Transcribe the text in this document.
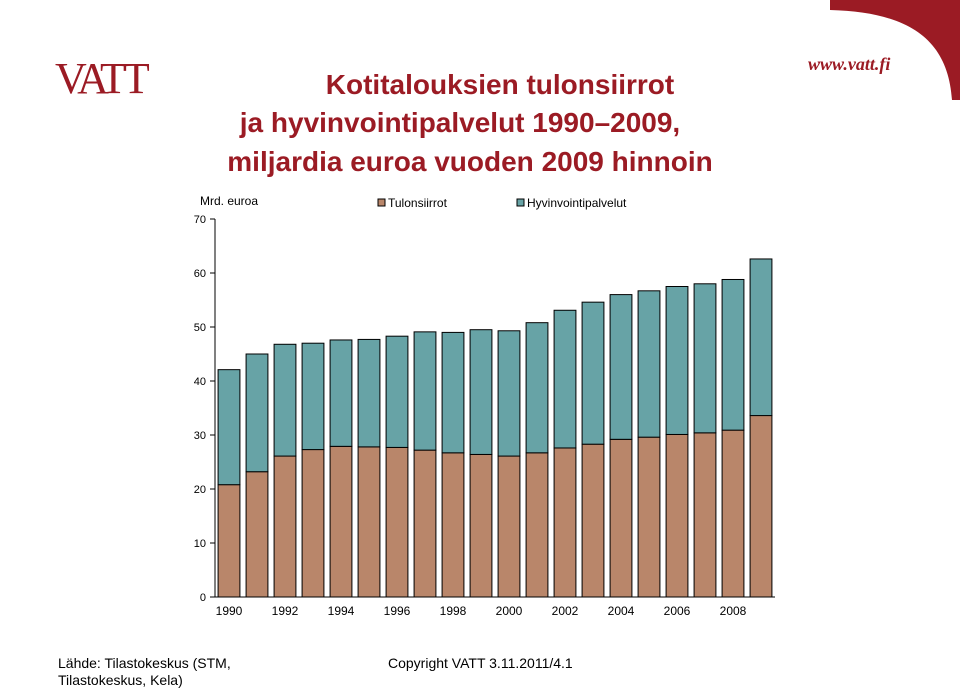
VATT	www.vatt.fi
Kotitalouksien tulonsiirrot
ja hyvinvointipalvelut 1990–2009,
miljardia euroa vuoden 2009 hinnoin
0
10
20
30
40
50
60
70
Mrd. euroa
1990 1992 1994 1996 1998 2000 2002 2004 2006 2008
Tulonsiirrot	Hyvinvointipalvelut
Lähde: Tilastokeskus (STM,
Tilastokeskus, Kela)
Copyright VATT 3.11.2011/4.1
